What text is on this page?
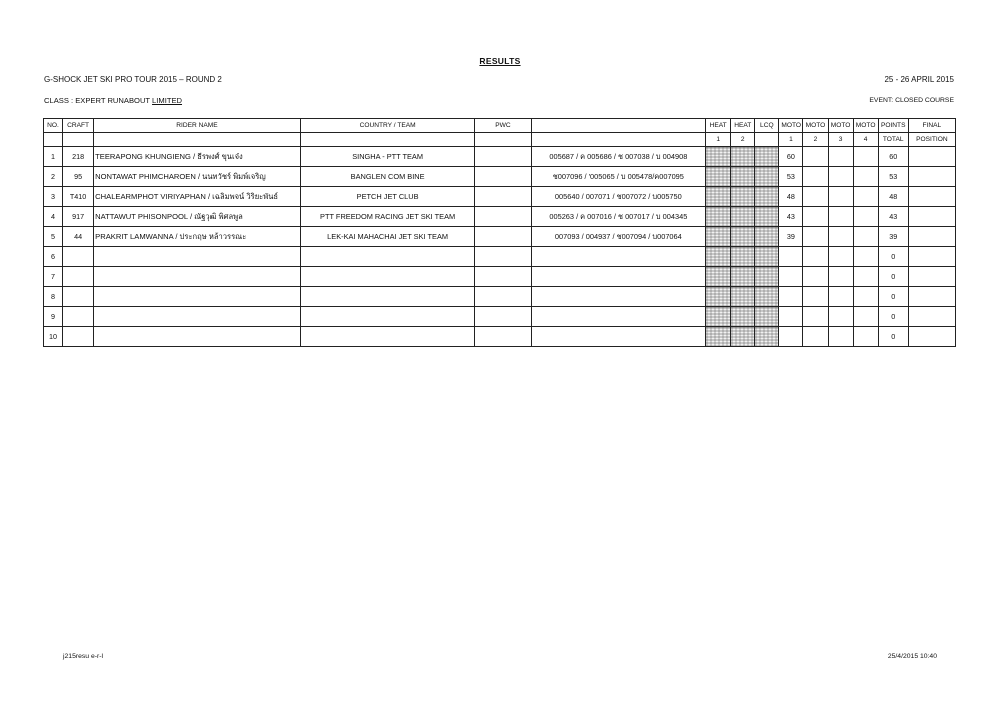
RESULTS
G-SHOCK JET SKI PRO TOUR 2015 – ROUND 2	25 - 26 APRIL 2015
CLASS : EXPERT RUNABOUT LIMITED	EVENT: CLOSED COURSE
NO.	CRAFT	RIDER NAME	COUNTRY / TEAM	PWC		HEAT	HEAT	LCQ	MOTO	MOTO	MOTO	MOTO	POINTS	FINAL
						1	2		1	2	3	4	TOTAL	POSITION
1	218	TEERAPONG KHUNGIENG / ธีรพงศ์ ขุนเจ๋ง	SINGHA - PTT TEAM		005687 / ค 005686 / ช 007038 / บ 004908				60				60	
2	95	NONTAWAT PHIMCHAROEN / นนทวัชร์ พิมพ์เจริญ	BANGLEN COM BINE		ช007096 / '005065 / บ 005478/ค007095				53				53	
3	T410	CHALEARMPHOT VIRIYAPHAN / เฉลิมพจน์ วิริยะพันธ์	PETCH JET CLUB		005640 / 007071 / ช007072 / บ005750				48				48	
4	917	NATTAWUT PHISONPOOL / ณัฐวุฒิ พิศลพูล	PTT FREEDOM RACING JET SKI TEAM		005263 / ค 007016 / ช 007017 / บ 004345				43				43	
5	44	PRAKRIT LAMWANNA / ประกฤษ หล้าวรรณะ	LEK-KAI MAHACHAI JET SKI TEAM		007093 / 004937 / ช007094 / บ007064				39				39	
6													0	
7													0	
8													0	
9													0	
10													0	
j215resu e-r-l	25/4/2015 10:40
